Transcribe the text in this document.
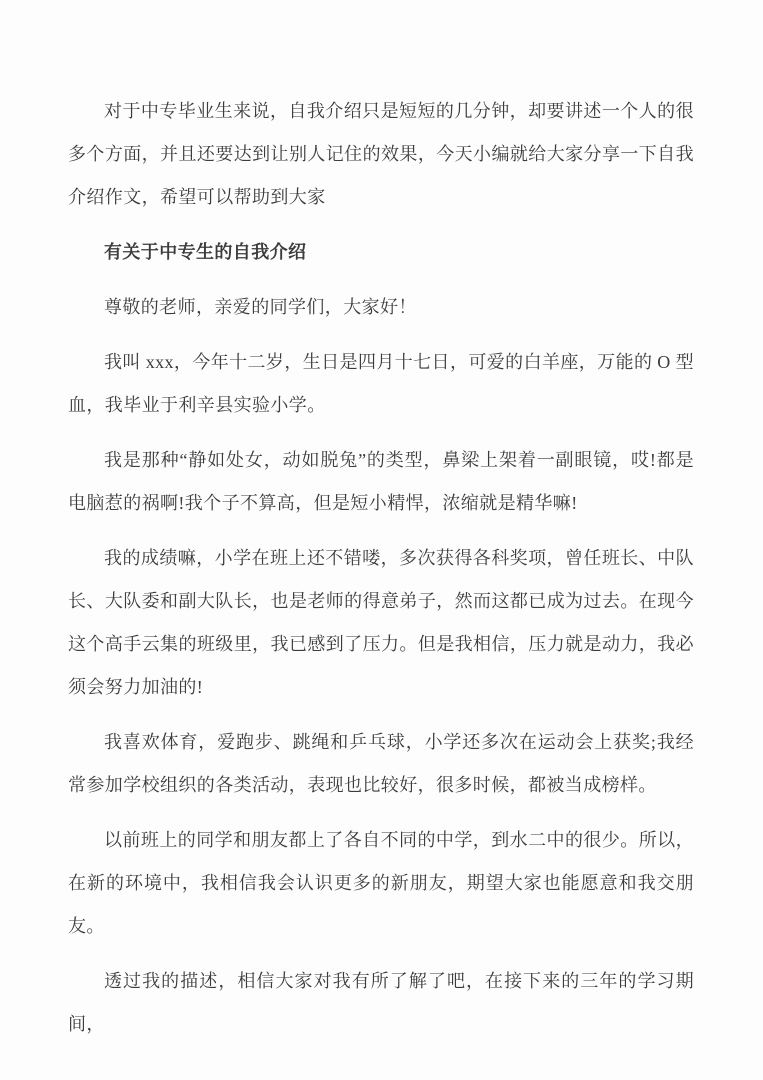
对于中专毕业生来说，自我介绍只是短短的几分钟，却要讲述一个人的很多个方面，并且还要达到让别人记住的效果，今天小编就给大家分享一下自我介绍作文，希望可以帮助到大家

有关于中专生的自我介绍

尊敬的老师，亲爱的同学们，大家好！

我叫 xxx，今年十二岁，生日是四月十七日，可爱的白羊座，万能的 O 型血，我毕业于利辛县实验小学。

我是那种“静如处女，动如脱兔”的类型，鼻梁上架着一副眼镜，哎!都是电脑惹的祸啊!我个子不算高，但是短小精悍，浓缩就是精华嘛!

我的成绩嘛，小学在班上还不错喽，多次获得各科奖项，曾任班长、中队长、大队委和副大队长，也是老师的得意弟子，然而这都已成为过去。在现今这个高手云集的班级里，我已感到了压力。但是我相信，压力就是动力，我必须会努力加油的!

我喜欢体育，爱跑步、跳绳和乒乓球，小学还多次在运动会上获奖;我经常参加学校组织的各类活动，表现也比较好，很多时候，都被当成榜样。

以前班上的同学和朋友都上了各自不同的中学，到水二中的很少。所以，在新的环境中，我相信我会认识更多的新朋友，期望大家也能愿意和我交朋友。

透过我的描述，相信大家对我有所了解了吧，在接下来的三年的学习期间，
